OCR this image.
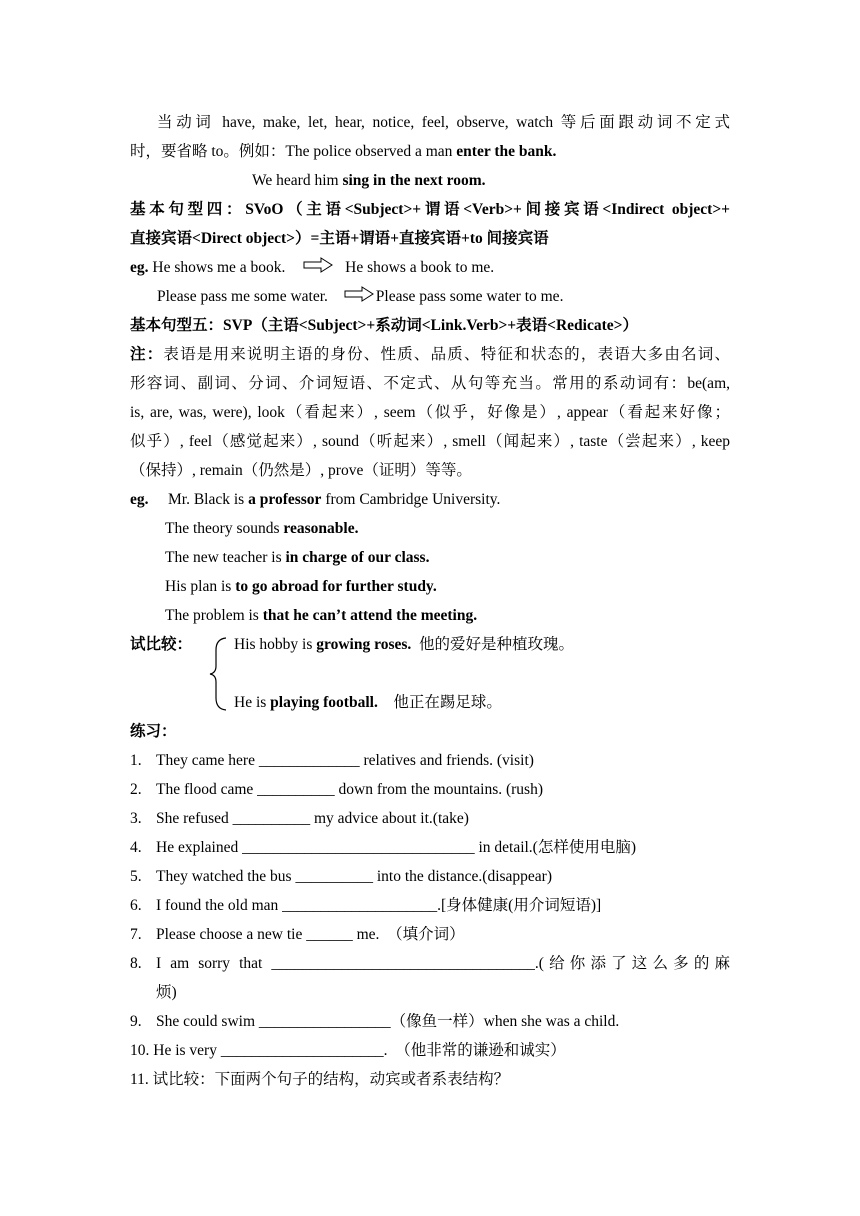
当动词 have, make, let, hear, notice, feel, observe, watch 等后面跟动词不定式
时，要省略 to。例如：The police observed a man enter the bank.
We heard him sing in the next room.
基本句型四：SVoO（主语<Subject>+谓语<Verb>+间接宾语<Indirect object>+
直接宾语<Direct object>）=主语+谓语+直接宾语+to 间接宾语
eg. He shows me a book.	He shows a book to me.
Please pass me some water.	Please pass some water to me.
基本句型五：SVP（主语<Subject>+系动词<Link.Verb>+表语<Redicate>）
注：表语是用来说明主语的身份、性质、品质、特征和状态的，表语大多由名词、
形容词、副词、分词、介词短语、不定式、从句等充当。常用的系动词有：be(am,
is, are, was, were), look（看起来）, seem（似乎，好像是）, appear（看起来好像；
似乎）, feel（感觉起来）, sound（听起来）, smell（闻起来）, taste（尝起来）, keep
（保持）, remain（仍然是）, prove（证明）等等。
eg. Mr. Black is a professor from Cambridge University.
The theory sounds reasonable.
The new teacher is in charge of our class.
His plan is to go abroad for further study.
The problem is that he can’t attend the meeting.
试比较：	His hobby is growing roses.  他的爱好是种植玫瑰。
He is playing football.    他正在踢足球。
练习：
1. They came here _____________ relatives and friends. (visit)
2. The flood came __________ down from the mountains. (rush)
3. She refused __________ my advice about it.(take)
4. He explained ______________________________ in detail.(怎样使用电脑)
5. They watched the bus __________ into the distance.(disappear)
6. I found the old man ____________________.[身体健康(用介词短语)]
7. Please choose a new tie ______ me.  （填介词）
8. I am sorry that __________________________________.(给你添了这么多的麻
烦)
9. She could swim _________________（像鱼一样）when she was a child.
10. He is very _____________________.  （他非常的谦逊和诚实）
11. 试比较：下面两个句子的结构，动宾或者系表结构？
